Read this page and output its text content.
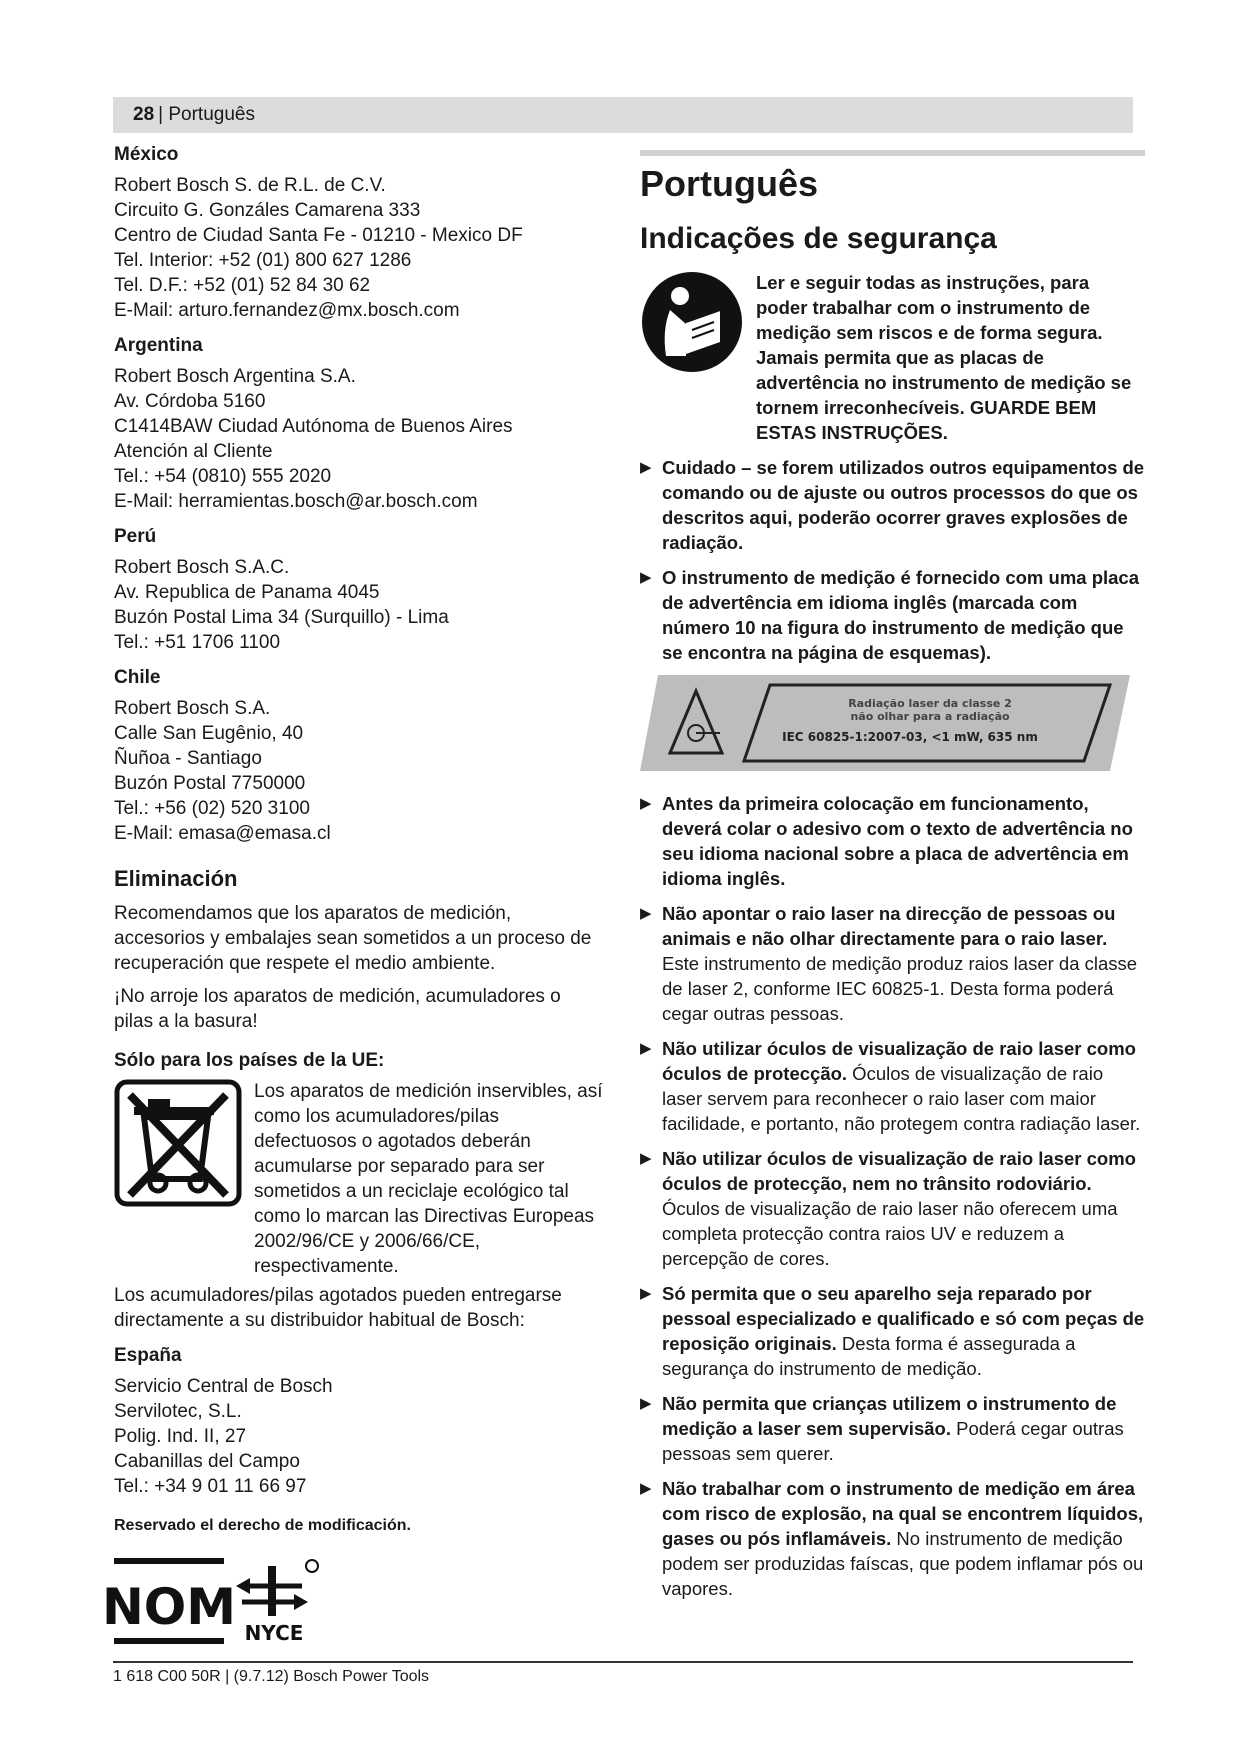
28 | Português
México
Robert Bosch S. de R.L. de C.V.
Circuito G. Gonzáles Camarena 333
Centro de Ciudad Santa Fe - 01210 - Mexico DF
Tel. Interior: +52 (01) 800 627 1286
Tel. D.F.: +52 (01) 52 84 30 62
E-Mail: arturo.fernandez@mx.bosch.com
Argentina
Robert Bosch Argentina S.A.
Av. Córdoba 5160
C1414BAW Ciudad Autónoma de Buenos Aires
Atención al Cliente
Tel.: +54 (0810) 555 2020
E-Mail: herramientas.bosch@ar.bosch.com
Perú
Robert Bosch S.A.C.
Av. Republica de Panama 4045
Buzón Postal Lima 34 (Surquillo) - Lima
Tel.: +51 1706 1100
Chile
Robert Bosch S.A.
Calle San Eugênio, 40
Ñuñoa - Santiago
Buzón Postal 7750000
Tel.: +56 (02) 520 3100
E-Mail: emasa@emasa.cl
Eliminación

Recomendamos que los aparatos de medición, accesorios y embalajes sean sometidos a un proceso de recuperación que respete el medio ambiente.

¡No arroje los aparatos de medición, acumuladores o pilas a la basura!

Sólo para los países de la UE:
Los aparatos de medición inservibles, así como los acumuladores/pilas defectuosos o agotados deberán acumularse por separado para ser sometidos a un reciclaje ecológico tal como lo marcan las Directivas Europeas 2002/96/CE y 2006/66/CE, respectivamente.

Los acumuladores/pilas agotados pueden entregarse directamente a su distribuidor habitual de Bosch:

España
Servicio Central de Bosch
Servilotec, S.L.
Polig. Ind. II, 27
Cabanillas del Campo
Tel.: +34 9 01 11 66 97
Reservado el derecho de modificación.
NOM NYCE
Português
Indicações de segurança
Ler e seguir todas as instruções, para poder trabalhar com o instrumento de medição sem riscos e de forma segura. Jamais permita que as placas de advertência no instrumento de medição se tornem irreconhecíveis. GUARDE BEM ESTAS INSTRUÇÕES.
▶ Cuidado – se forem utilizados outros equipamentos de comando ou de ajuste ou outros processos do que os descritos aqui, poderão ocorrer graves explosões de radiação.
▶ O instrumento de medição é fornecido com uma placa de advertência em idioma inglês (marcada com número 10 na figura do instrumento de medição que se encontra na página de esquemas).
Radiação laser da classe 2
não olhar para a radiação
IEC 60825-1:2007-03, <1 mW, 635 nm
▶ Antes da primeira colocação em funcionamento, deverá colar o adesivo com o texto de advertência no seu idioma nacional sobre a placa de advertência em idioma inglês.
▶ Não apontar o raio laser na direcção de pessoas ou animais e não olhar directamente para o raio laser. Este instrumento de medição produz raios laser da classe de laser 2, conforme IEC 60825-1. Desta forma poderá cegar outras pessoas.
▶ Não utilizar óculos de visualização de raio laser como óculos de protecção. Óculos de visualização de raio laser servem para reconhecer o raio laser com maior facilidade, e portanto, não protegem contra radiação laser.
▶ Não utilizar óculos de visualização de raio laser como óculos de protecção, nem no trânsito rodoviário. Óculos de visualização de raio laser não oferecem uma completa protecção contra raios UV e reduzem a percepção de cores.
▶ Só permita que o seu aparelho seja reparado por pessoal especializado e qualificado e só com peças de reposição originais. Desta forma é assegurada a segurança do instrumento de medição.
▶ Não permita que crianças utilizem o instrumento de medição a laser sem supervisão. Poderá cegar outras pessoas sem querer.
▶ Não trabalhar com o instrumento de medição em área com risco de explosão, na qual se encontrem líquidos, gases ou pós inflamáveis. No instrumento de medição podem ser produzidas faíscas, que podem inflamar pós ou vapores.
1 618 C00 50R | (9.7.12) Bosch Power Tools
